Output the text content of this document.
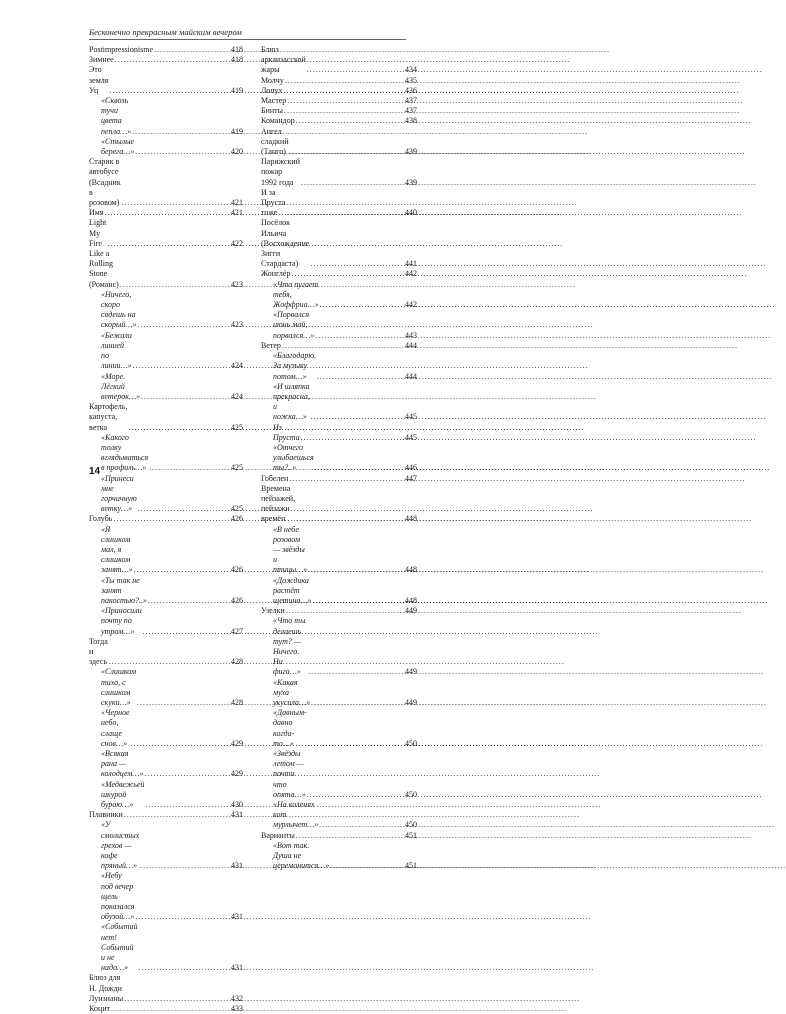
Бесконечно прекрасным майским вечером
Postimpressionisme .....	418
Зимнее .....	418
Это земля Уц .....	419
«Сквозь тучи цвета пепла…» .....	419
«Стылые берега…» .....	420
Старик в автобусе (Всадник в розовом) .....	421
Имя .....	421
Light My Fire .....	422
Like a Rolling Stone (Романс) .....	423
«Ничего, скоро сядешь на скорый…» .....	423
«Бежали линией по линии…» .....	424
«Море. Лёгкий ветерок…» .....	424
Картофель, капуста, ветка .....	425
«Какого толку вглядываться в профиль…» .....	425
«Принеси мне горчичную ветку…» .....	425
Голубь .....	426
«Я слишком мал, я слишком занят…» .....	426
«Ты так не занят пакостью?..» .....	426
«Приносили почту по утрам…» .....	427
Тогда и здесь .....	428
«Слишком тихо, с слишком скуки…» .....	428
«Черное небо, слаще снов…» .....	429
«Всякая рана — колодцем…» .....	429
«Медвежьей шкурой бурою…» .....	430
Плавники .....	431
«У смолистых грехов — кофе пряный…» .....	431
«Небу под вечер щель показался обузой…» .....	431
«Событий нет! Событий и не надо…» .....	431
Блюз для Н. Дожди Луизианы .....	432
Коцит .....	433
Блюз арканзасской жары .....	434
Молчу .....	435
Лопух .....	436
Мастер .....	437
Бинты .....	437
Командор .....	438
Ангел сладкий (Танго) .....	439
Парижский пожар 1992 года .....	439
И за Пруста тоже .....	440
Посёлок Ильича (Восхождение Зигги Стардаста) .....	441
Жонглёр .....	442
«Что пугает тебя, Жоффрua…» .....	442
«Порвался июнь мой, порвался…» .....	443
Ветер .....	444
«Благодарю. За музыку потом…» .....	444
«И шляпка прекрасна, и ножка…» .....	445
Из Пруста .....	445
«Отчего улыбаешься ты?..» .....	446
Гобелен .....	447
Времена пейзажей, пейзажи времён .....	448
«В небе розовом — звёзды и птицы…» .....	448
«Дождика растёт щетина…» .....	448
Узелки .....	449
«Что ты делаешь тут? — Ничего. Ни фига…» .....	449
«Какая муха укусила…» .....	449
«Давным-давно когда-то…» .....	450
«Звёзды летом — почти что опята…» .....	450
«На коленях кот мурлычет…» .....	450
Варианты .....	451
«Вот так. Душа не церемонится…» .....	451
14
